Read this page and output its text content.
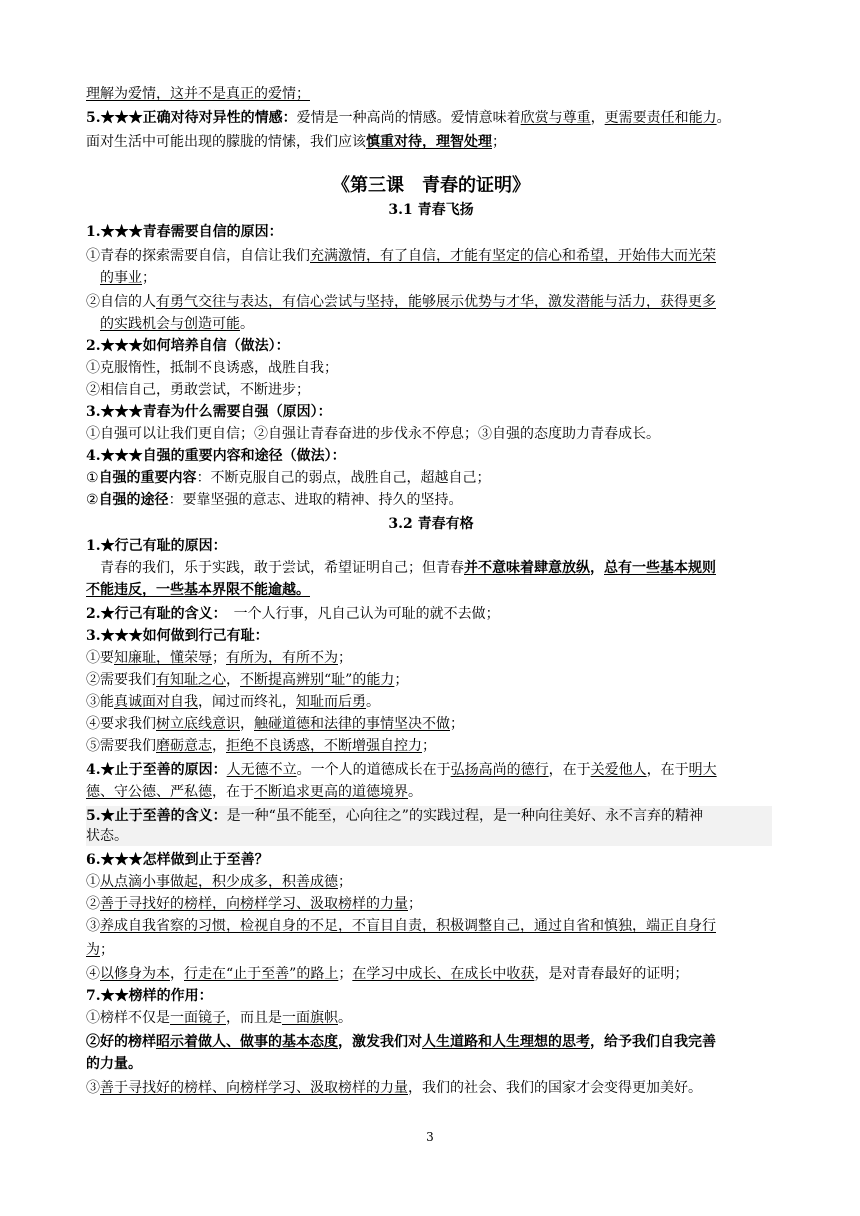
理解为爱情，这并不是真正的爱情；
5.★★★正确对待对异性的情感：爱情是一种高尚的情感。爱情意味着欣赏与尊重，更需要责任和能力。
面对生活中可能出现的朦胧的情愫，我们应该慎重对待，理智处理；
《第三课　青春的证明》
3.1 青春飞扬
1.★★★青春需要自信的原因：
①青春的探索需要自信，自信让我们充满激情，有了自信，才能有坚定的信心和希望，开始伟大而光荣
的事业；
②自信的人有勇气交往与表达，有信心尝试与坚持，能够展示优势与才华，激发潜能与活力，获得更多
的实践机会与创造可能。
2.★★★如何培养自信（做法）：
①克服惰性，抵制不良诱惑，战胜自我；
②相信自己，勇敢尝试，不断进步；
3.★★★青春为什么需要自强（原因）：
①自强可以让我们更自信；②自强让青春奋进的步伐永不停息；③自强的态度助力青春成长。
4.★★★自强的重要内容和途径（做法）：
①自强的重要内容：不断克服自己的弱点，战胜自己，超越自己；
②自强的途径：要靠坚强的意志、进取的精神、持久的坚持。
3.2 青春有格
1.★行己有耻的原因：
青春的我们，乐于实践，敢于尝试，希望证明自己；但青春并不意味着肆意放纵，总有一些基本规则
不能违反，一些基本界限不能逾越。
2.★行己有耻的含义：　一个人行事，凡自己认为可耻的就不去做；
3.★★★如何做到行己有耻：
①要知廉耻，懂荣辱；有所为，有所不为；
②需要我们有知耻之心，不断提高辨别“耻”的能力；
③能真诚面对自我，闻过而终礼，知耻而后勇。
④要求我们树立底线意识，触碰道德和法律的事情坚决不做；
⑤需要我们磨砺意志，拒绝不良诱惑，不断增强自控力；
4.★止于至善的原因：人无德不立。一个人的道德成长在于弘扬高尚的德行，在于关爱他人，在于明大
德、守公德、严私德，在于不断追求更高的道德境界。
5.★止于至善的含义：是一种“虽不能至，心向往之”的实践过程，是一种向往美好、永不言弃的精神
状态。
6.★★★怎样做到止于至善？
①从点滴小事做起，积少成多，积善成德；
②善于寻找好的榜样，向榜样学习、汲取榜样的力量；
③养成自我省察的习惯，检视自身的不足，不盲目自责，积极调整自己，通过自省和慎独，端正自身行
为；
④以修身为本，行走在“止于至善”的路上；在学习中成长、在成长中收获，是对青春最好的证明；
7.★★榜样的作用：
①榜样不仅是一面镜子，而且是一面旗帜。
②好的榜样昭示着做人、做事的基本态度，激发我们对人生道路和人生理想的思考，给予我们自我完善
的力量。
③善于寻找好的榜样、向榜样学习、汲取榜样的力量，我们的社会、我们的国家才会变得更加美好。
3
